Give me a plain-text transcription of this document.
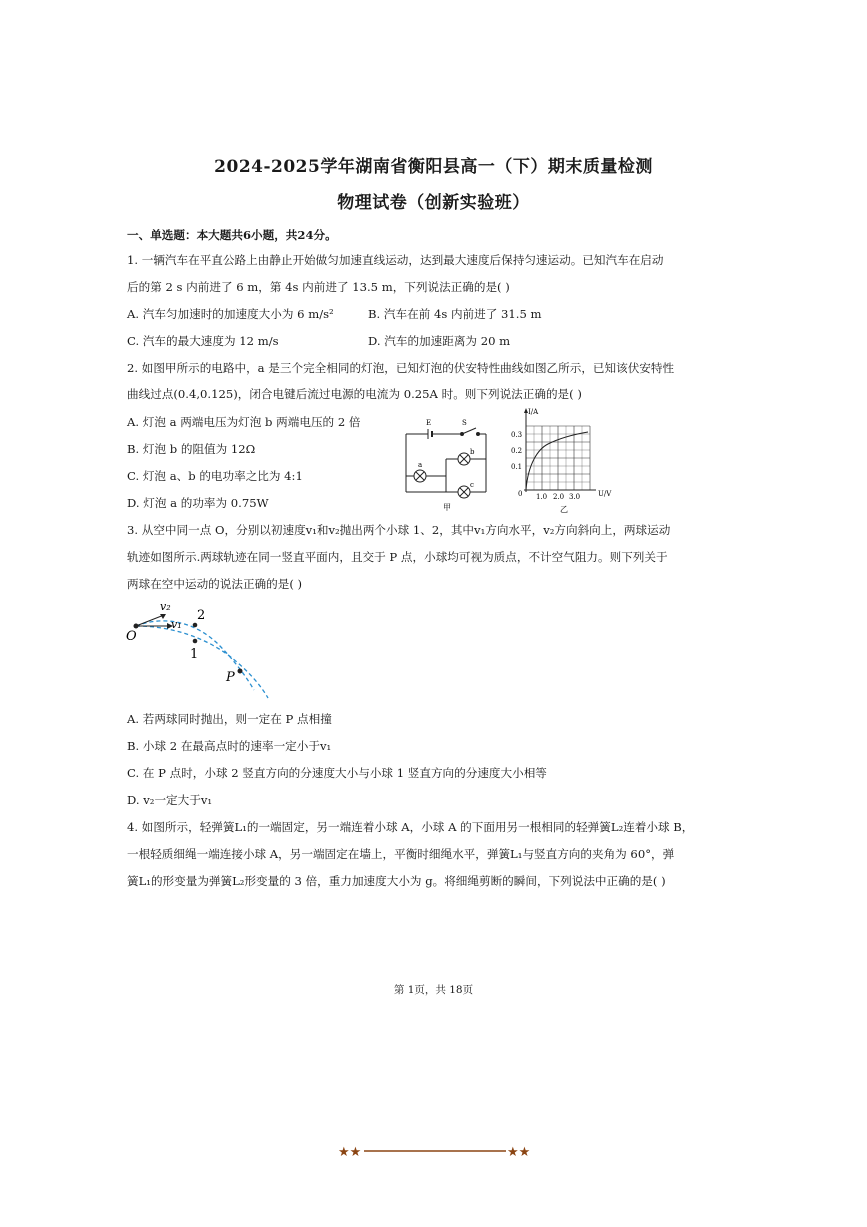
2024-2025学年湖南省衡阳县高一（下）期末质量检测
物理试卷（创新实验班）
一、单选题：本大题共6小题，共24分。
1. 一辆汽车在平直公路上由静止开始做匀加速直线运动，达到最大速度后保持匀速运动。已知汽车在启动
后的第 2 s 内前进了 6 m，第 4s 内前进了 13.5 m，下列说法正确的是( )
A. 汽车匀加速时的加速度大小为 6 m/s²	B. 汽车在前 4s 内前进了 31.5 m
C. 汽车的最大速度为 12 m/s	D. 汽车的加速距离为 20 m
2. 如图甲所示的电路中，a 是三个完全相同的灯泡，已知灯泡的伏安特性曲线如图乙所示，已知该伏安特性
曲线过点(0.4,0.125)，闭合电键后流过电源的电流为 0.25A 时。则下列说法正确的是( )
A. 灯泡 a 两端电压为灯泡 b 两端电压的 2 倍
B. 灯泡 b 的阻值为 12Ω
C. 灯泡 a、b 的电功率之比为 4:1
D. 灯泡 a 的功率为 0.75W
E	S
a
b
c
甲
I/A
U/V
0.3
0.2
0.1
0 1.0 2.0 3.0
乙
3. 从空中同一点 O，分别以初速度v₁和v₂抛出两个小球 1、2，其中v₁方向水平，v₂方向斜向上，两球运动
轨迹如图所示.两球轨迹在同一竖直平面内，且交于 P 点，小球均可视为质点，不计空气阻力。则下列关于
两球在空中运动的说法正确的是( )
O
v₂
v₁
2
1
P
A. 若两球同时抛出，则一定在 P 点相撞
B. 小球 2 在最高点时的速率一定小于v₁
C. 在 P 点时，小球 2 竖直方向的分速度大小与小球 1 竖直方向的分速度大小相等
D. v₂一定大于v₁
4. 如图所示，轻弹簧L₁的一端固定，另一端连着小球 A，小球 A 的下面用另一根相同的轻弹簧L₂连着小球 B，
一根轻质细绳一端连接小球 A，另一端固定在墙上，平衡时细绳水平，弹簧L₁与竖直方向的夹角为 60°，弹
簧L₁的形变量为弹簧L₂形变量的 3 倍，重力加速度大小为 g。将细绳剪断的瞬间，下列说法中正确的是( )
第 1页，共 18页
★★	★★
